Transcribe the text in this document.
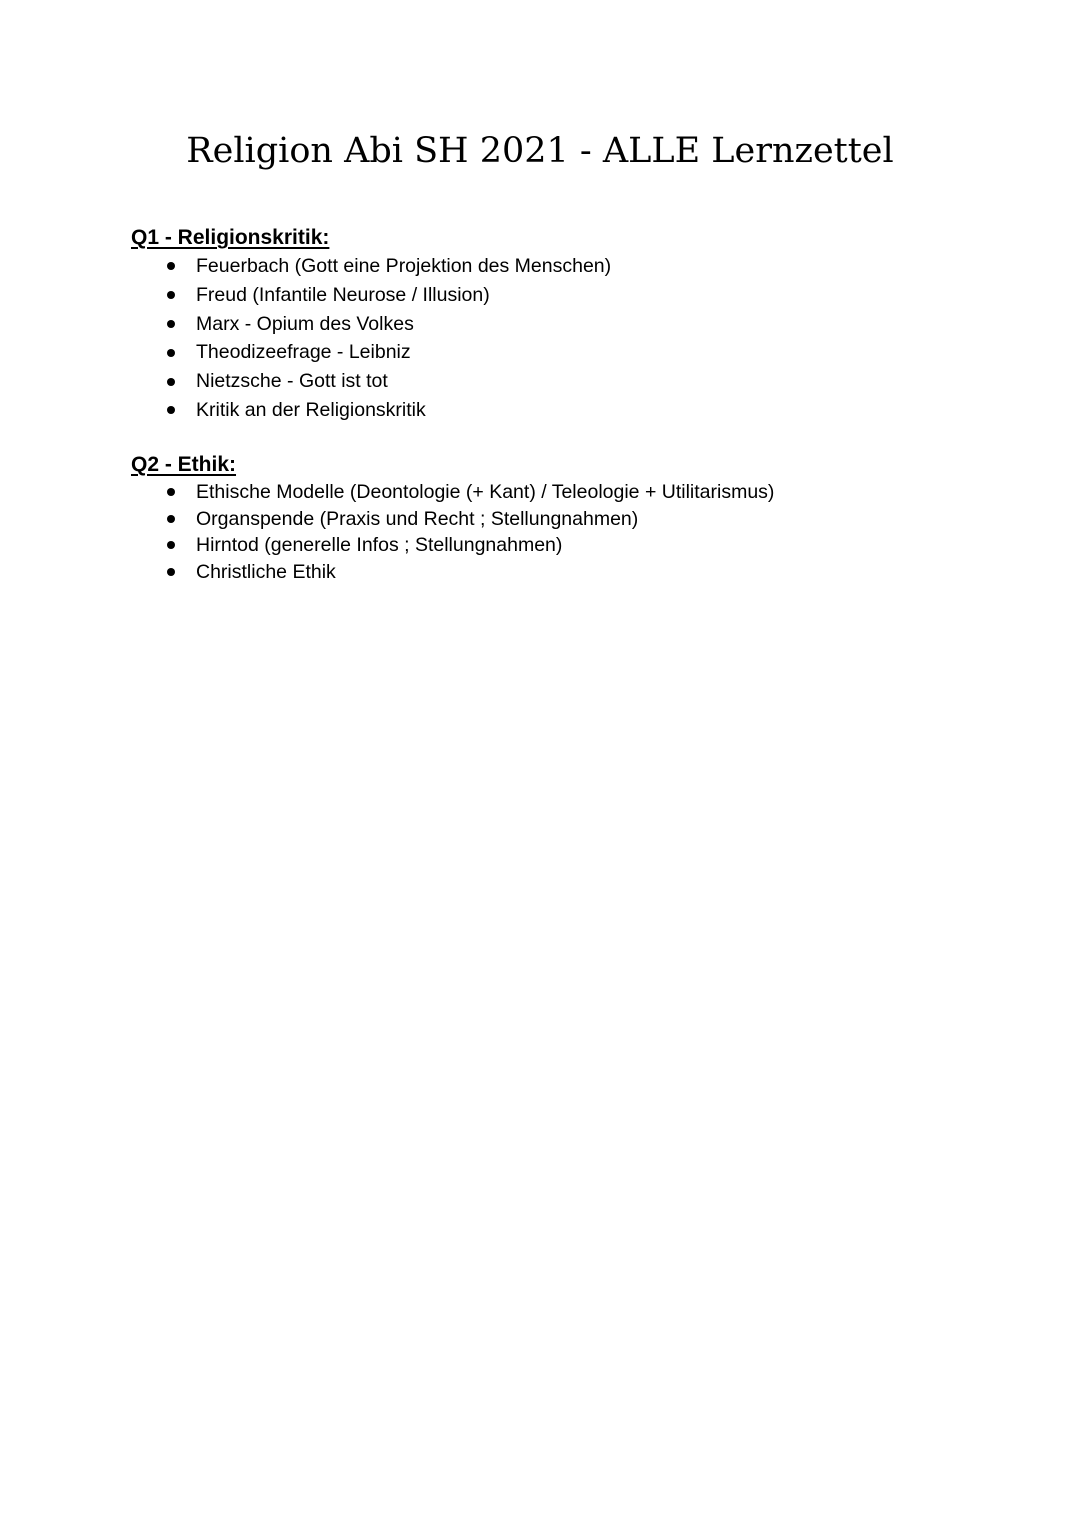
Religion Abi SH 2021 - ALLE Lernzettel

Q1 - Religionskritik:

Feuerbach (Gott eine Projektion des Menschen)
Freud (Infantile Neurose / Illusion)
Marx - Opium des Volkes
Theodizeefrage - Leibniz
Nietzsche - Gott ist tot
Kritik an der Religionskritik

Q2 - Ethik:

Ethische Modelle (Deontologie (+ Kant) / Teleologie + Utilitarismus)
Organspende (Praxis und Recht ; Stellungnahmen)
Hirntod (generelle Infos ; Stellungnahmen)
Christliche Ethik
